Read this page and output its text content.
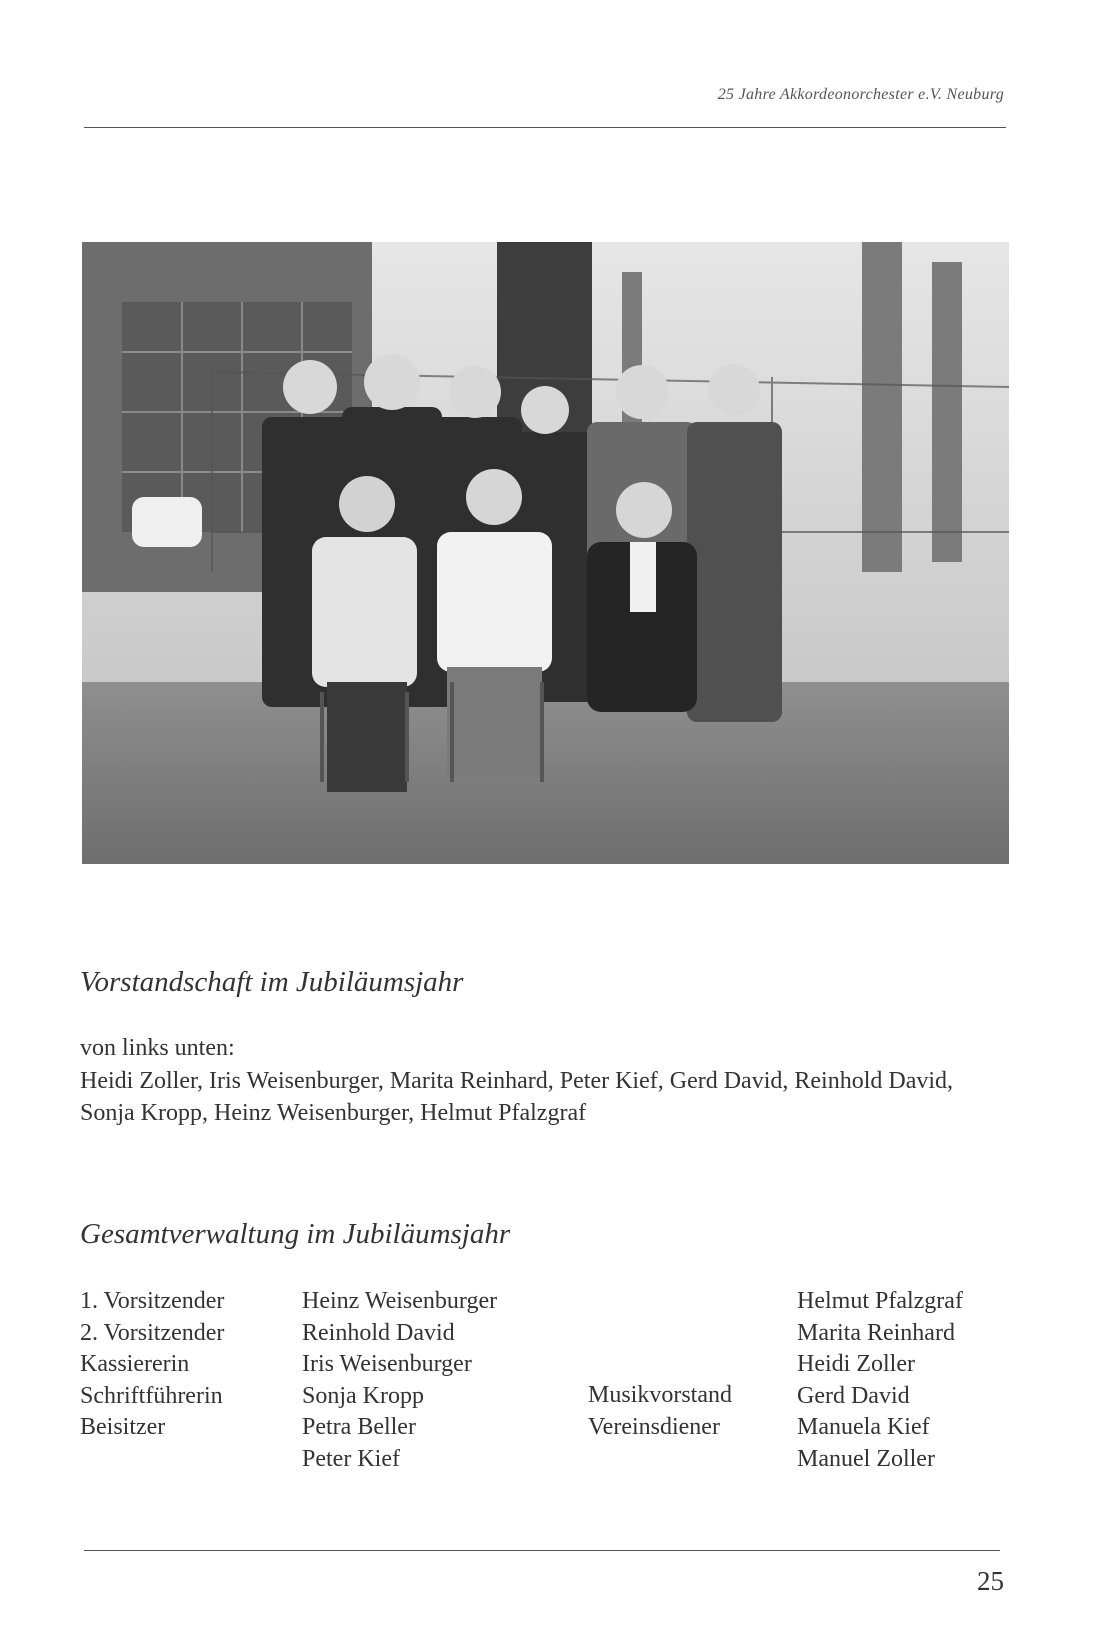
25 Jahre Akkordeonorchester e.V. Neuburg
Vorstandschaft im Jubiläumsjahr
von links unten:
Heidi Zoller, Iris Weisenburger, Marita Reinhard, Peter Kief, Gerd David, Reinhold David, Sonja Kropp, Heinz Weisenburger, Helmut Pfalzgraf
Gesamtverwaltung im Jubiläumsjahr
1. Vorsitzender
2. Vorsitzender
Kassiererin
Schriftführerin
Beisitzer
Heinz Weisenburger
Reinhold David
Iris Weisenburger
Sonja Kropp
Petra Beller
Peter Kief
Musikvorstand
Vereinsdiener
Helmut Pfalzgraf
Marita Reinhard
Heidi Zoller
Gerd David
Manuela Kief
Manuel Zoller
25
